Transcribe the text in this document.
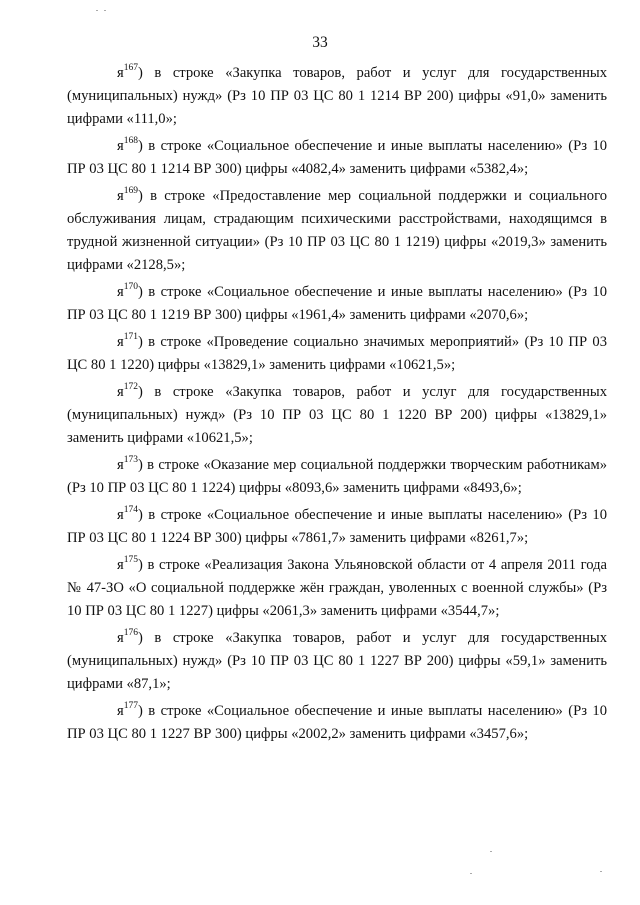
33

$я^{167}$) в строке «Закупка товаров, работ и услуг для государственных (муниципальных) нужд» (Рз 10 ПР 03 ЦС 80 1 1214 ВР 200) цифры «91,0» заменить цифрами «111,0»;

$я^{168}$) в строке «Социальное обеспечение и иные выплаты населению» (Рз 10 ПР 03 ЦС 80 1 1214 ВР 300) цифры «4082,4» заменить цифрами «5382,4»;

$я^{169}$) в строке «Предоставление мер социальной поддержки и социального обслуживания лицам, страдающим психическими расстройствами, находящимся в трудной жизненной ситуации» (Рз 10 ПР 03 ЦС 80 1 1219) цифры «2019,3» заменить цифрами «2128,5»;

$я^{170}$) в строке «Социальное обеспечение и иные выплаты населению» (Рз 10 ПР 03 ЦС 80 1 1219 ВР 300) цифры «1961,4» заменить цифрами «2070,6»;

$я^{171}$) в строке «Проведение социально значимых мероприятий» (Рз 10 ПР 03 ЦС 80 1 1220) цифры «13829,1» заменить цифрами «10621,5»;

$я^{172}$) в строке «Закупка товаров, работ и услуг для государственных (муниципальных) нужд» (Рз 10 ПР 03 ЦС 80 1 1220 ВР 200) цифры «13829,1» заменить цифрами «10621,5»;

$я^{173}$) в строке «Оказание мер социальной поддержки творческим работникам» (Рз 10 ПР 03 ЦС 80 1 1224) цифры «8093,6» заменить цифрами «8493,6»;

$я^{174}$) в строке «Социальное обеспечение и иные выплаты населению» (Рз 10 ПР 03 ЦС 80 1 1224 ВР 300) цифры «7861,7» заменить цифрами «8261,7»;

$я^{175}$) в строке «Реализация Закона Ульяновской области от 4 апреля 2011 года № 47-ЗО «О социальной поддержке жён граждан, уволенных с военной службы» (Рз 10 ПР 03 ЦС 80 1 1227) цифры «2061,3» заменить цифрами «3544,7»;

$я^{176}$) в строке «Закупка товаров, работ и услуг для государственных (муниципальных) нужд» (Рз 10 ПР 03 ЦС 80 1 1227 ВР 200) цифры «59,1» заменить цифрами «87,1»;

$я^{177}$) в строке «Социальное обеспечение и иные выплаты населению» (Рз 10 ПР 03 ЦС 80 1 1227 ВР 300) цифры «2002,2» заменить цифрами «3457,6»;
